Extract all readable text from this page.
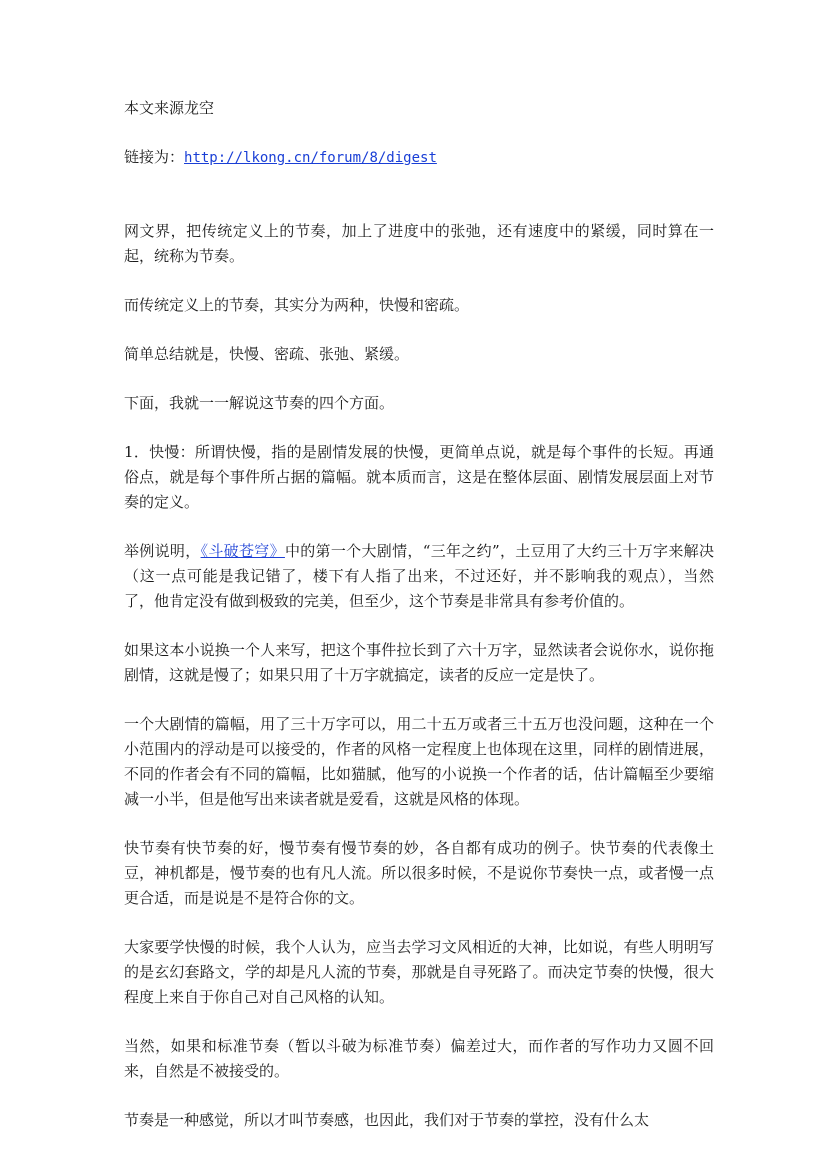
本文来源龙空

链接为：http://lkong.cn/forum/8/digest

网文界，把传统定义上的节奏，加上了进度中的张弛，还有速度中的紧缓，同时算在一起，统称为节奏。

而传统定义上的节奏，其实分为两种，快慢和密疏。

简单总结就是，快慢、密疏、张弛、紧缓。

下面，我就一一解说这节奏的四个方面。

1．快慢：所谓快慢，指的是剧情发展的快慢，更简单点说，就是每个事件的长短。再通俗点，就是每个事件所占据的篇幅。就本质而言，这是在整体层面、剧情发展层面上对节奏的定义。

举例说明，《斗破苍穹》中的第一个大剧情，“三年之约”，土豆用了大约三十万字来解决（这一点可能是我记错了，楼下有人指了出来，不过还好，并不影响我的观点），当然了，他肯定没有做到极致的完美，但至少，这个节奏是非常具有参考价值的。

如果这本小说换一个人来写，把这个事件拉长到了六十万字，显然读者会说你水，说你拖剧情，这就是慢了；如果只用了十万字就搞定，读者的反应一定是快了。

一个大剧情的篇幅，用了三十万字可以，用二十五万或者三十五万也没问题，这种在一个小范围内的浮动是可以接受的，作者的风格一定程度上也体现在这里，同样的剧情进展，不同的作者会有不同的篇幅，比如猫腻，他写的小说换一个作者的话，估计篇幅至少要缩减一小半，但是他写出来读者就是爱看，这就是风格的体现。

快节奏有快节奏的好，慢节奏有慢节奏的妙，各自都有成功的例子。快节奏的代表像土豆，神机都是，慢节奏的也有凡人流。所以很多时候，不是说你节奏快一点，或者慢一点更合适，而是说是不是符合你的文。

大家要学快慢的时候，我个人认为，应当去学习文风相近的大神，比如说，有些人明明写的是玄幻套路文，学的却是凡人流的节奏，那就是自寻死路了。而决定节奏的快慢，很大程度上来自于你自己对自己风格的认知。

当然，如果和标准节奏（暂以斗破为标准节奏）偏差过大，而作者的写作功力又圆不回来，自然是不被接受的。

节奏是一种感觉，所以才叫节奏感，也因此，我们对于节奏的掌控，没有什么太
